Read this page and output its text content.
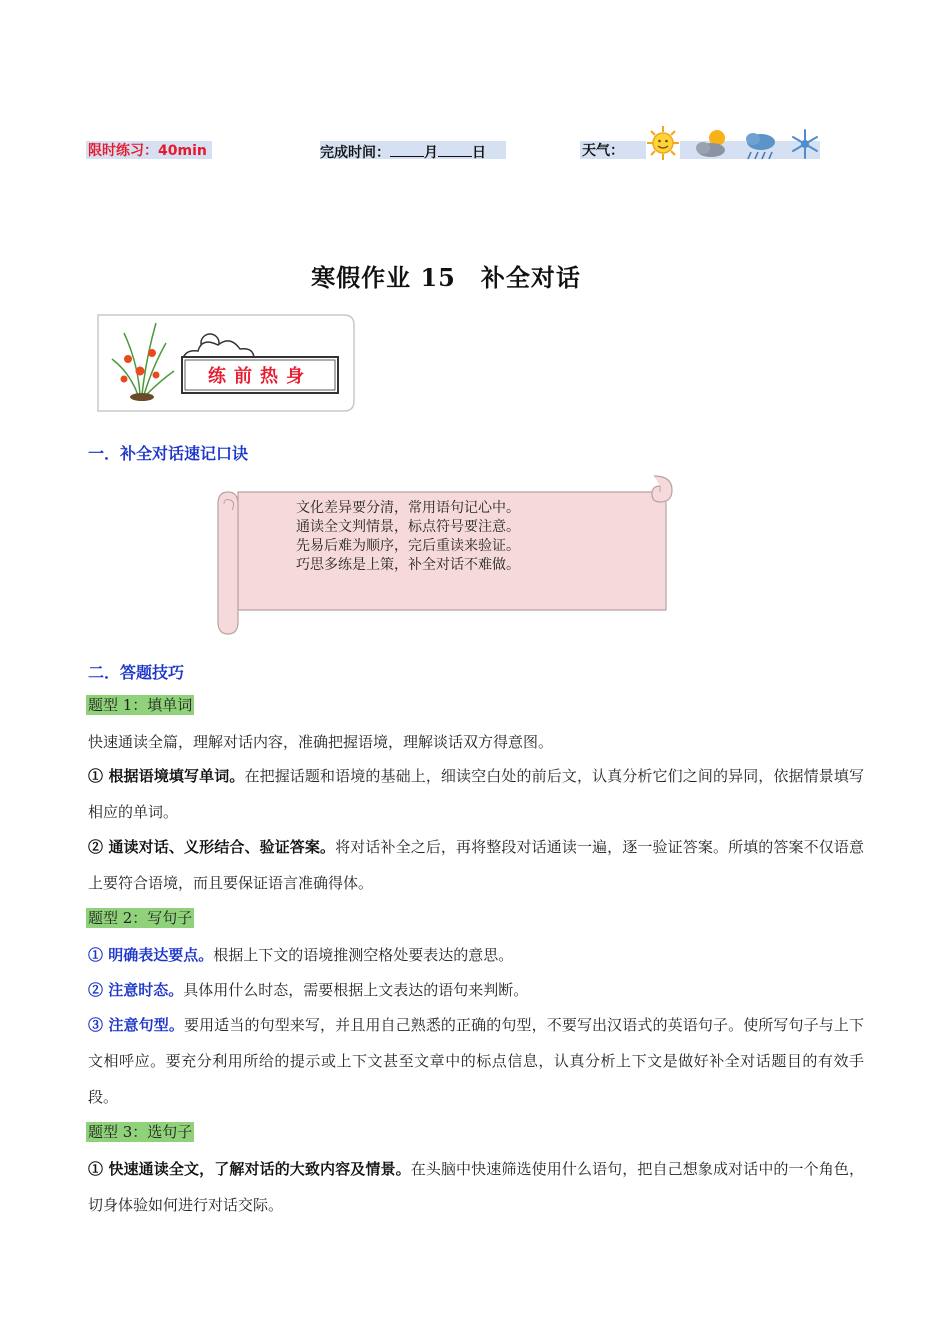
限时练习：40min	完成时间： 月 日	天气：
寒假作业 15　补全对话
练前热身
一．补全对话速记口诀
文化差异要分清，常用语句记心中。
通读全文判情景，标点符号要注意。
先易后难为顺序，完后重读来验证。
巧思多练是上策，补全对话不难做。
二．答题技巧
题型 1：填单词
快速通读全篇，理解对话内容，准确把握语境，理解谈话双方得意图。
① 根据语境填写单词。在把握话题和语境的基础上，细读空白处的前后文，认真分析它们之间的异同，依据情景填写相应的单词。
② 通读对话、义形结合、验证答案。将对话补全之后，再将整段对话通读一遍，逐一验证答案。所填的答案不仅语意上要符合语境，而且要保证语言准确得体。
题型 2：写句子
① 明确表达要点。根据上下文的语境推测空格处要表达的意思。
② 注意时态。具体用什么时态，需要根据上文表达的语句来判断。
③ 注意句型。要用适当的句型来写，并且用自己熟悉的正确的句型，不要写出汉语式的英语句子。使所写句子与上下文相呼应。要充分利用所给的提示或上下文甚至文章中的标点信息，认真分析上下文是做好补全对话题目的有效手段。
题型 3：选句子
① 快速通读全文，了解对话的大致内容及情景。在头脑中快速筛选使用什么语句，把自己想象成对话中的一个角色，切身体验如何进行对话交际。
